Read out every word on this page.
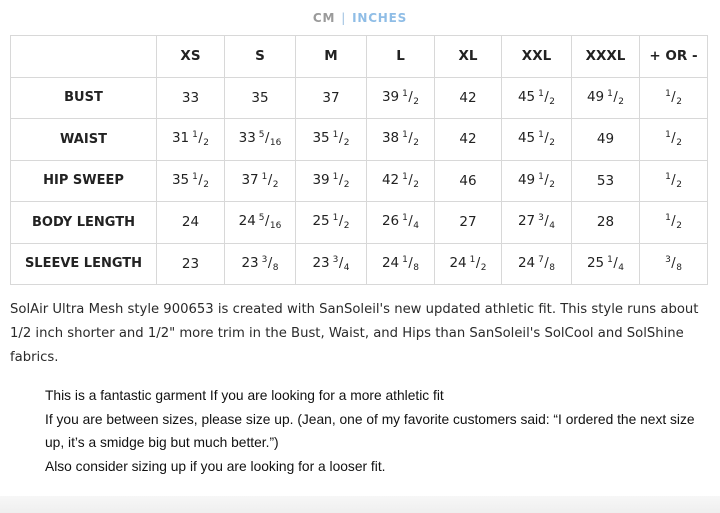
CM | INCHES
	XS	S	M	L	XL	XXL	XXXL	+ OR -
BUST	33	35	37	39 $^1/_2$	42	45 $^1/_2$	49 $^1/_2$	$^1/_2$
WAIST	31 $^1/_2$	33 $^5/_{16}$	35 $^1/_2$	38 $^1/_2$	42	45 $^1/_2$	49	$^1/_2$
HIP SWEEP	35 $^1/_2$	37 $^1/_2$	39 $^1/_2$	42 $^1/_2$	46	49 $^1/_2$	53	$^1/_2$
BODY LENGTH	24	24 $^5/_{16}$	25 $^1/_2$	26 $^1/_4$	27	27 $^3/_4$	28	$^1/_2$
SLEEVE LENGTH	23	23 $^3/_8$	23 $^3/_4$	24 $^1/_8$	24 $^1/_2$	24 $^7/_8$	25 $^1/_4$	$^3/_8$
SolAir Ultra Mesh style 900653 is created with SanSoleil's new updated athletic fit. This style runs about 1/2 inch shorter and 1/2" more trim in the Bust, Waist, and Hips than SanSoleil's SolCool and SolShine fabrics.

This is a fantastic garment If you are looking for a more athletic fit

If you are between sizes, please size up. (Jean, one of my favorite customers said: “I ordered the next size up, it’s a smidge big but much better.”)

Also consider sizing up if you are looking for a looser fit.
